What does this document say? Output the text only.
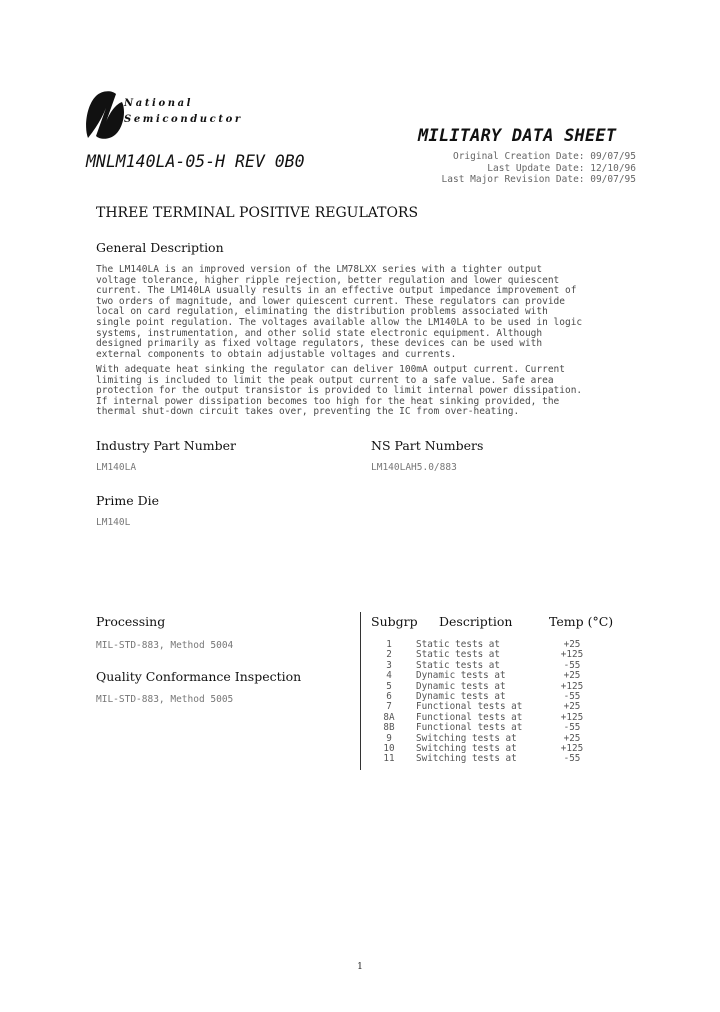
National
Semiconductor
MILITARY DATA SHEET
MNLM140LA-05-H REV 0B0	Original Creation Date: 09/07/95
Last Update Date: 12/10/96
Last Major Revision Date: 09/07/95
THREE TERMINAL POSITIVE REGULATORS
General Description
The LM140LA is an improved version of the LM78LXX series with a tighter output voltage tolerance, higher ripple rejection, better regulation and lower quiescent current. The LM140LA usually results in an effective output impedance improvement of two orders of magnitude, and lower quiescent current. These regulators can provide local on card regulation, eliminating the distribution problems associated with single point regulation. The voltages available allow the LM140LA to be used in logic systems, instrumentation, and other solid state electronic equipment. Although designed primarily as fixed voltage regulators, these devices can be used with external components to obtain adjustable voltages and currents.
With adequate heat sinking the regulator can deliver 100mA output current. Current limiting is included to limit the peak output current to a safe value. Safe area protection for the output transistor is provided to limit internal power dissipation. If internal power dissipation becomes too high for the heat sinking provided, the thermal shut-down circuit takes over, preventing the IC from over-heating.
Industry Part Number
LM140LA
NS Part Numbers
LM140LAH5.0/883
Prime Die
LM140L
Processing
MIL-STD-883, Method 5004
Quality Conformance Inspection
MIL-STD-883, Method 5005
Subgrp Description	Temp (°C)
1	Static tests at	+25
2	Static tests at	+125
3	Static tests at	-55
4	Dynamic tests at	+25
5	Dynamic tests at	+125
6	Dynamic tests at	-55
7	Functional tests at	+25
8A	Functional tests at	+125
8B	Functional tests at	-55
9	Switching tests at	+25
10	Switching tests at	+125
11	Switching tests at	-55
1
